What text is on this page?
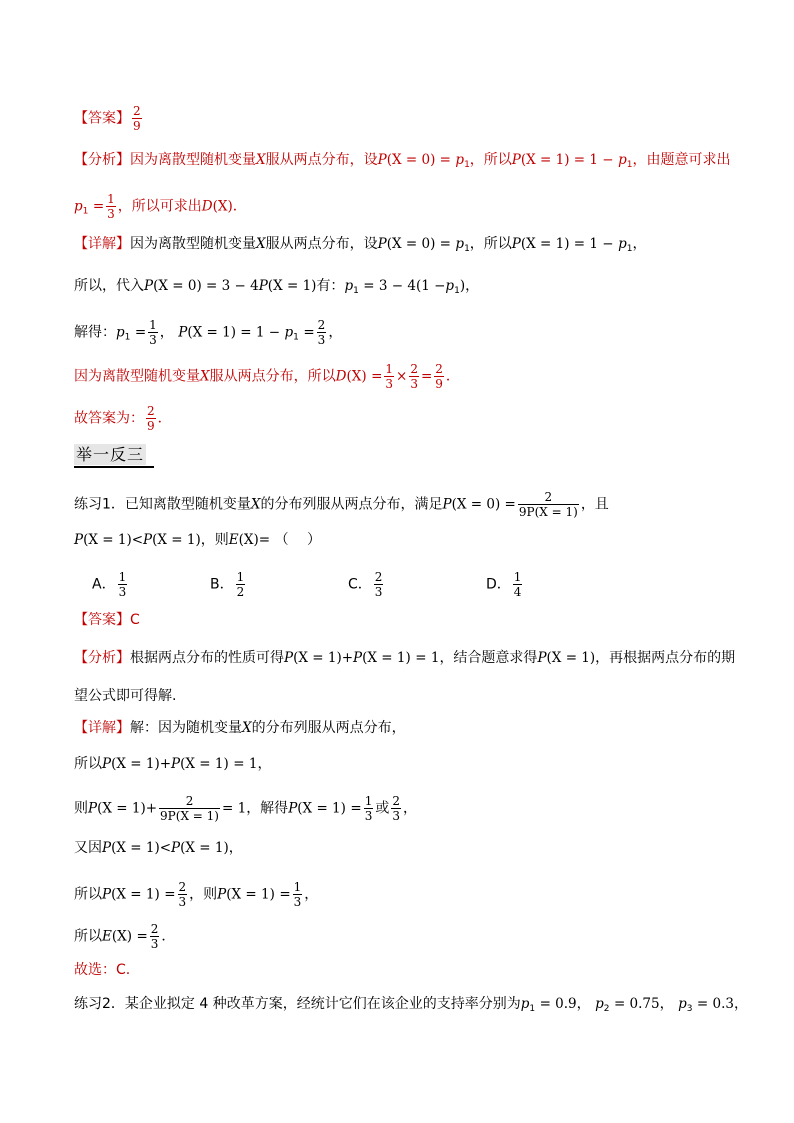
【答案】 $\frac{2}{9}$
【分析】因为离散型随机变量X服从两点分布，设$P(X = 0) = p_1$，所以$P(X = 1) = 1 - p_1$，由题意可求出
$p_1 = \frac{1}{3}$ ，所以可求出D(X)．
【详解】因为离散型随机变量X服从两点分布，设$P(X = 0) = p_1$，所以$P(X = 1) = 1 - p_1$，
所以，代入P(X = 0) = 3 − 4P(X = 1)有：$p_1 = 3 - 4(1 -p_1)$，
解得：$p_1 = \frac{1}{3}$ ， $P(X = 1) = 1 - p_1 = \frac{2}{3}$ ，
因为离散型随机变量X服从两点分布，所以$D(X) = \frac{1}{3} \times \frac{2}{3} = \frac{2}{9}$ ．
故答案为： $\frac{2}{9}$ ．
举一反三
练习1．已知离散型随机变量X的分布列服从两点分布，满足$P(X = 0) = \frac{2}{9P(X = 1)}$ ，且
P(X = 1)<P(X = 1)，则E(X)= （　 ）
A． $\frac{1}{3}$	B． $\frac{1}{2}$	C． $\frac{2}{3}$	D． $\frac{1}{4}$
【答案】C
【分析】根据两点分布的性质可得P(X = 1)+P(X = 1) = 1，结合题意求得P(X = 1)，再根据两点分布的期
望公式即可得解.
【详解】解：因为随机变量X的分布列服从两点分布，
所以P(X = 1)+P(X = 1) = 1，
则$P(X = 1)+ \frac{2}{9P(X = 1)} = 1$，解得$P(X = 1) = \frac{1}{3}$ 或 $\frac{2}{3}$ ，
又因P(X = 1)<P(X = 1)，
所以$P(X = 1) = \frac{2}{3}$ ，则$P(X = 1) = \frac{1}{3}$ ，
所以$E(X) = \frac{2}{3}$ ．
故选：C.
练习2．某企业拟定 4 种改革方案，经统计它们在该企业的支持率分别为$p_1 = 0.9$， $p_2 = 0.75$， $p_3 = 0.3$，
